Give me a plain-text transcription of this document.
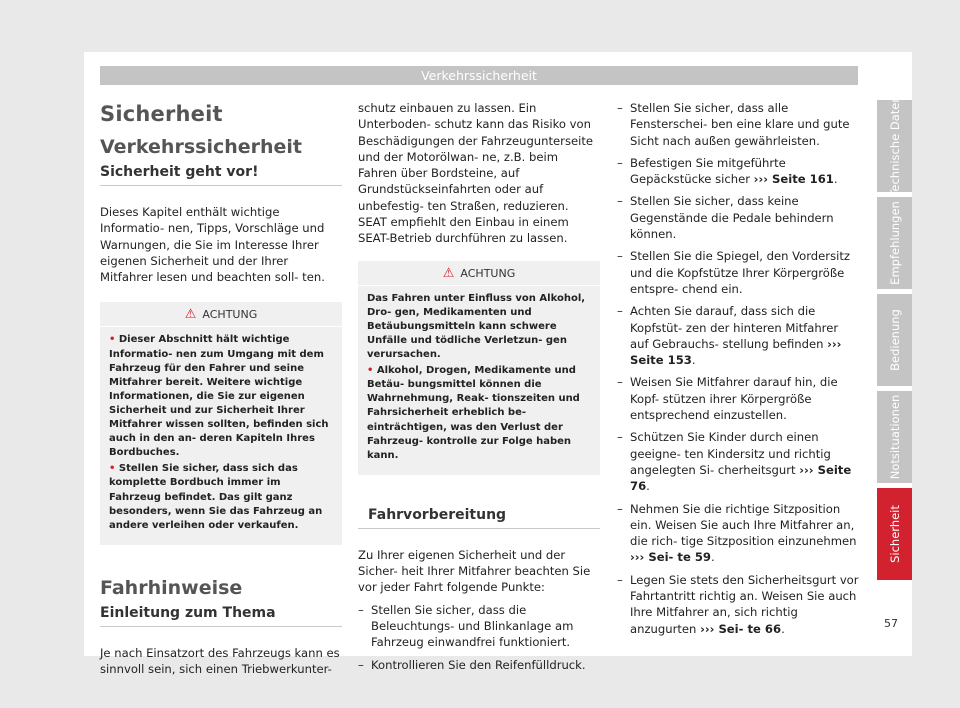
Verkehrssicherheit
Sicherheit
Verkehrssicherheit
Sicherheit geht vor!

Dieses Kapitel enthält wichtige Informatio- nen, Tipps, Vorschläge und Warnungen, die Sie im Interesse Ihrer eigenen Sicherheit und der Ihrer Mitfahrer lesen und beachten soll- ten.

⚠ ACHTUNG
• Dieser Abschnitt hält wichtige Informatio- nen zum Umgang mit dem Fahrzeug für den Fahrer und seine Mitfahrer bereit. Weitere wichtige Informationen, die Sie zur eigenen Sicherheit und zur Sicherheit Ihrer Mitfahrer wissen sollten, befinden sich auch in den an- deren Kapiteln Ihres Bordbuches.
• Stellen Sie sicher, dass sich das komplette Bordbuch immer im Fahrzeug befindet. Das gilt ganz besonders, wenn Sie das Fahrzeug an andere verleihen oder verkaufen.
Fahrhinweise
Einleitung zum Thema

Je nach Einsatzort des Fahrzeugs kann es sinnvoll sein, sich einen Triebwerkunter-

schutz einbauen zu lassen. Ein Unterboden- schutz kann das Risiko von Beschädigungen der Fahrzeugunterseite und der Motorölwan- ne, z.B. beim Fahren über Bordsteine, auf Grundstückseinfahrten oder auf unbefestig- ten Straßen, reduzieren. SEAT empfiehlt den Einbau in einem SEAT-Betrieb durchführen zu lassen.

⚠ ACHTUNG
Das Fahren unter Einfluss von Alkohol, Dro- gen, Medikamenten und Betäubungsmitteln kann schwere Unfälle und tödliche Verletzun- gen verursachen.
• Alkohol, Drogen, Medikamente und Betäu- bungsmittel können die Wahrnehmung, Reak- tionszeiten und Fahrsicherheit erheblich be- einträchtigen, was den Verlust der Fahrzeug- kontrolle zur Folge haben kann.
Fahrvorbereitung

Zu Ihrer eigenen Sicherheit und der Sicher- heit Ihrer Mitfahrer beachten Sie vor jeder Fahrt folgende Punkte:

– Stellen Sie sicher, dass die Beleuchtungs- und Blinkanlage am Fahrzeug einwandfrei funktioniert.
– Kontrollieren Sie den Reifenfülldruck.
– Stellen Sie sicher, dass alle Fensterschei- ben eine klare und gute Sicht nach außen gewährleisten.
– Befestigen Sie mitgeführte Gepäckstücke sicher ››› Seite 161.
– Stellen Sie sicher, dass keine Gegenstände die Pedale behindern können.
– Stellen Sie die Spiegel, den Vordersitz und die Kopfstütze Ihrer Körpergröße entspre- chend ein.
– Achten Sie darauf, dass sich die Kopfstüt- zen der hinteren Mitfahrer auf Gebrauchs- stellung befinden ››› Seite 153.
– Weisen Sie Mitfahrer darauf hin, die Kopf- stützen ihrer Körpergröße entsprechend einzustellen.
– Schützen Sie Kinder durch einen geeigne- ten Kindersitz und richtig angelegten Si- cherheitsgurt ››› Seite 76.
– Nehmen Sie die richtige Sitzposition ein. Weisen Sie auch Ihre Mitfahrer an, die rich- tige Sitzposition einzunehmen ››› Sei- te 59.
– Legen Sie stets den Sicherheitsgurt vor Fahrtantritt richtig an. Weisen Sie auch Ihre Mitfahrer an, sich richtig anzugurten ››› Sei- te 66.
Technische Daten
Empfehlungen
Bedienung
Notsituationen
Sicherheit
57
